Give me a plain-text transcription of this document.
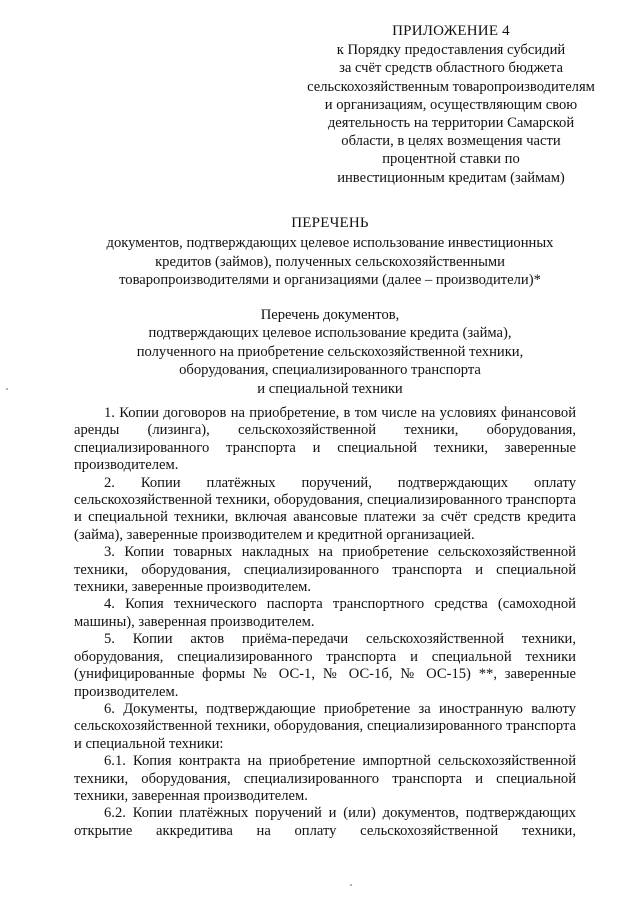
ПРИЛОЖЕНИЕ 4
к Порядку предоставления субсидий
за счёт средств областного бюджета
сельскохозяйственным товаропроизводителям
и организациям, осуществляющим свою
деятельность на территории Самарской
области, в целях возмещения части
процентной ставки по
инвестиционным кредитам (займам)
ПЕРЕЧЕНЬ
документов, подтверждающих целевое использование инвестиционных
кредитов (займов), полученных сельскохозяйственными
товаропроизводителями и организациями (далее – производители)*
Перечень документов,
подтверждающих целевое использование кредита (займа),
полученного на приобретение сельскохозяйственной техники,
оборудования, специализированного транспорта
и специальной техники

1. Копии договоров на приобретение, в том числе на условиях финансовой аренды (лизинга), сельскохозяйственной техники, оборудования, специализированного транспорта и специальной техники, заверенные производителем.

2. Копии платёжных поручений, подтверждающих оплату сельскохозяйственной техники, оборудования, специализированного транспорта и специальной техники, включая авансовые платежи за счёт средств кредита (займа), заверенные производителем и кредитной организацией.

3. Копии товарных накладных на приобретение сельскохозяйственной техники, оборудования, специализированного транспорта и специальной техники, заверенные производителем.

4. Копия технического паспорта транспортного средства (самоходной машины), заверенная производителем.

5. Копии актов приёма-передачи сельскохозяйственной техники, оборудования, специализированного транспорта и специальной техники (унифицированные формы № ОС-1, № ОС-1б, № ОС-15) **, заверенные производителем.

6. Документы, подтверждающие приобретение за иностранную валюту сельскохозяйственной техники, оборудования, специализированного транспорта и специальной техники:

6.1. Копия контракта на приобретение импортной сельскохозяйственной техники, оборудования, специализированного транспорта и специальной техники, заверенная производителем.

6.2. Копии платёжных поручений и (или) документов, подтверждающих открытие аккредитива на оплату сельскохозяйственной техники,
